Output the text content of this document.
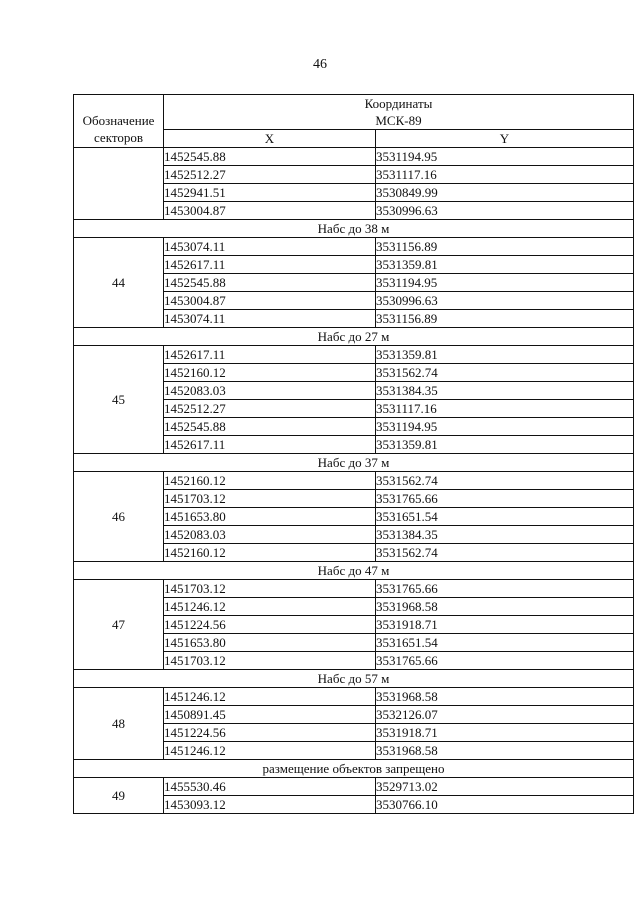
46
Обозначение секторов	Координаты
МСК-89	

	X	Y
	1452545.88	3531194.95
	1452512.27	3531117.16
	1452941.51	3530849.99
	1453004.87	3530996.63
Набс до 38 м		
44	1453074.11	3531156.89
	1452617.11	3531359.81
	1452545.88	3531194.95
	1453004.87	3530996.63
	1453074.11	3531156.89
Набс до 27 м		
45	1452617.11	3531359.81
	1452160.12	3531562.74
	1452083.03	3531384.35
	1452512.27	3531117.16
	1452545.88	3531194.95
	1452617.11	3531359.81
Набс до 37 м		
46	1452160.12	3531562.74
	1451703.12	3531765.66
	1451653.80	3531651.54
	1452083.03	3531384.35
	1452160.12	3531562.74
Набс до 47 м		
47	1451703.12	3531765.66
	1451246.12	3531968.58
	1451224.56	3531918.71
	1451653.80	3531651.54
	1451703.12	3531765.66
Набс до 57 м		
48	1451246.12	3531968.58
	1450891.45	3532126.07
	1451224.56	3531918.71
	1451246.12	3531968.58
размещение объектов запрещено		
49	1455530.46	3529713.02
	1453093.12	3530766.10
